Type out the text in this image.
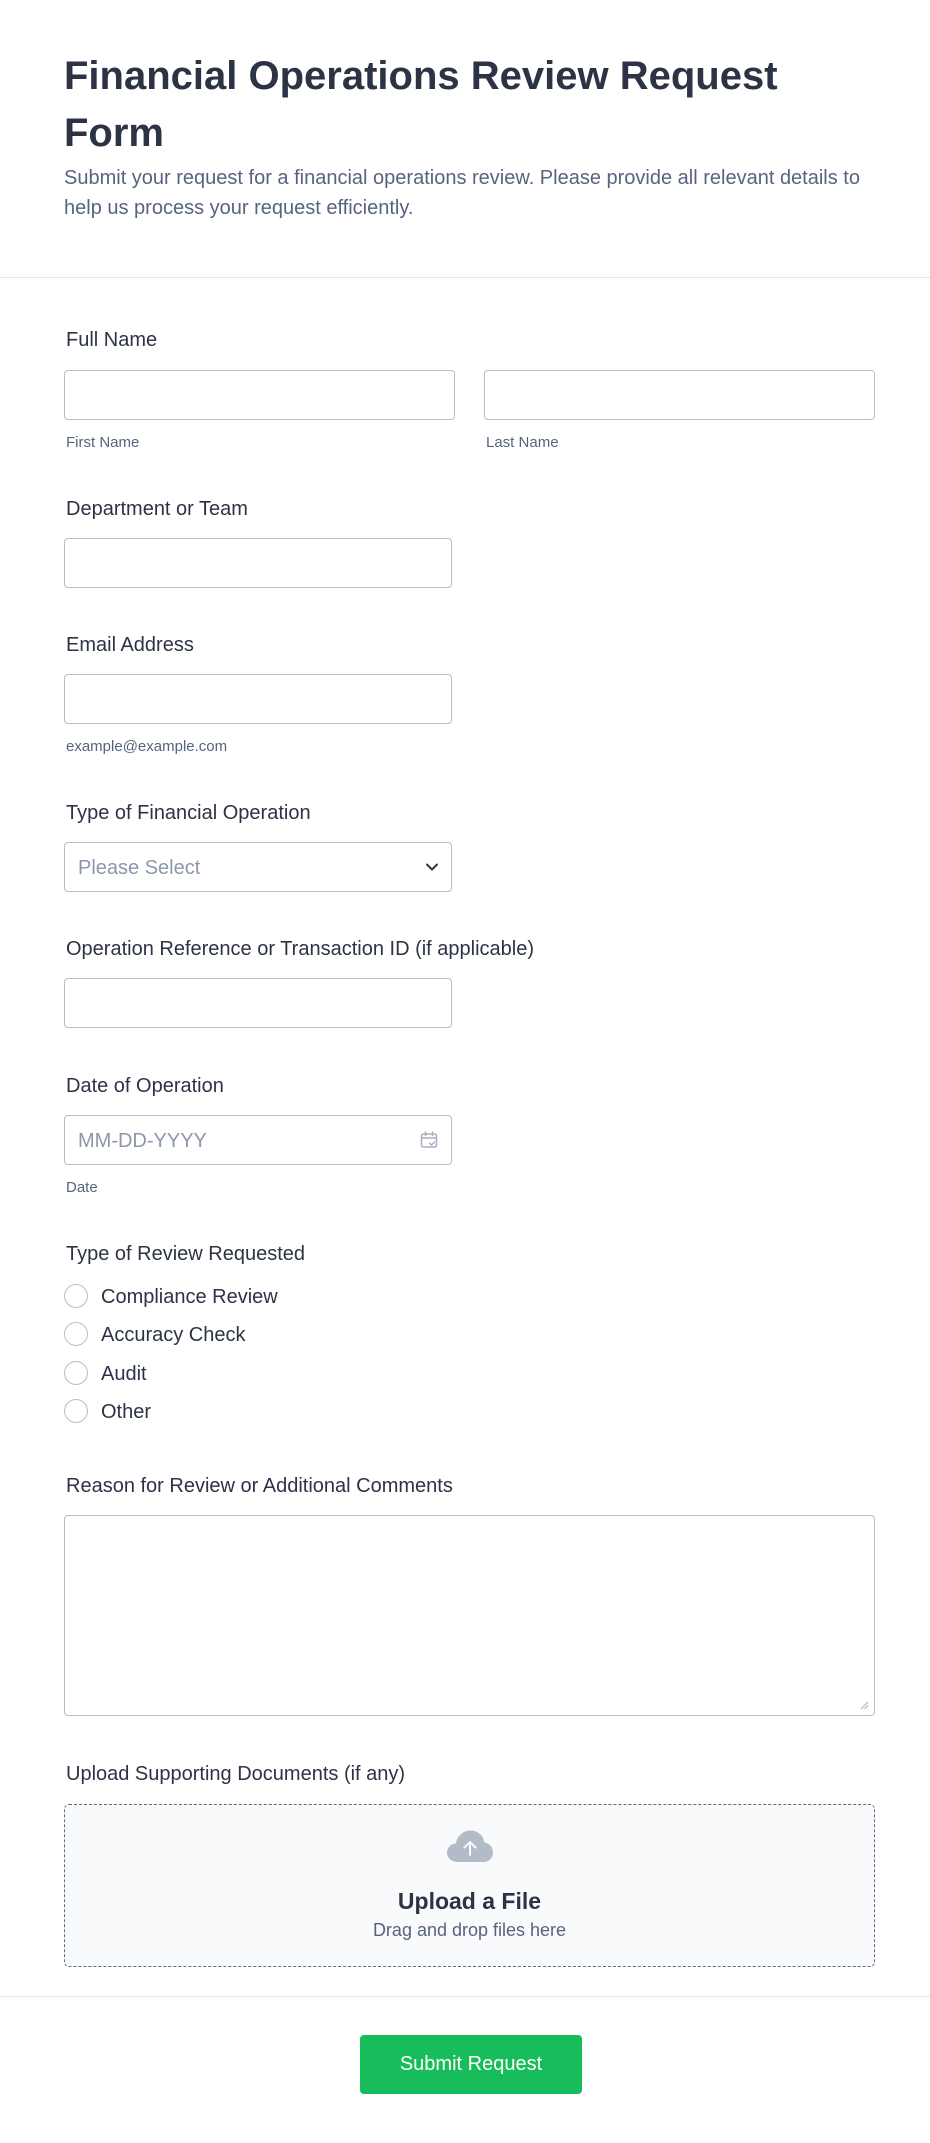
Financial Operations Review Request Form

Submit your request for a financial operations review. Please provide all relevant details to help us process your request efficiently.

Full Name
First Name	Last Name
Department or Team
Email Address
example@example.com
Type of Financial Operation
Please Select
Operation Reference or Transaction ID (if applicable)
Date of Operation
MM-DD-YYYY
Date
Type of Review Requested
Compliance Review
Accuracy Check
Audit
Other
Reason for Review or Additional Comments
Upload Supporting Documents (if any)
Upload a File
Drag and drop files here
Submit Request
